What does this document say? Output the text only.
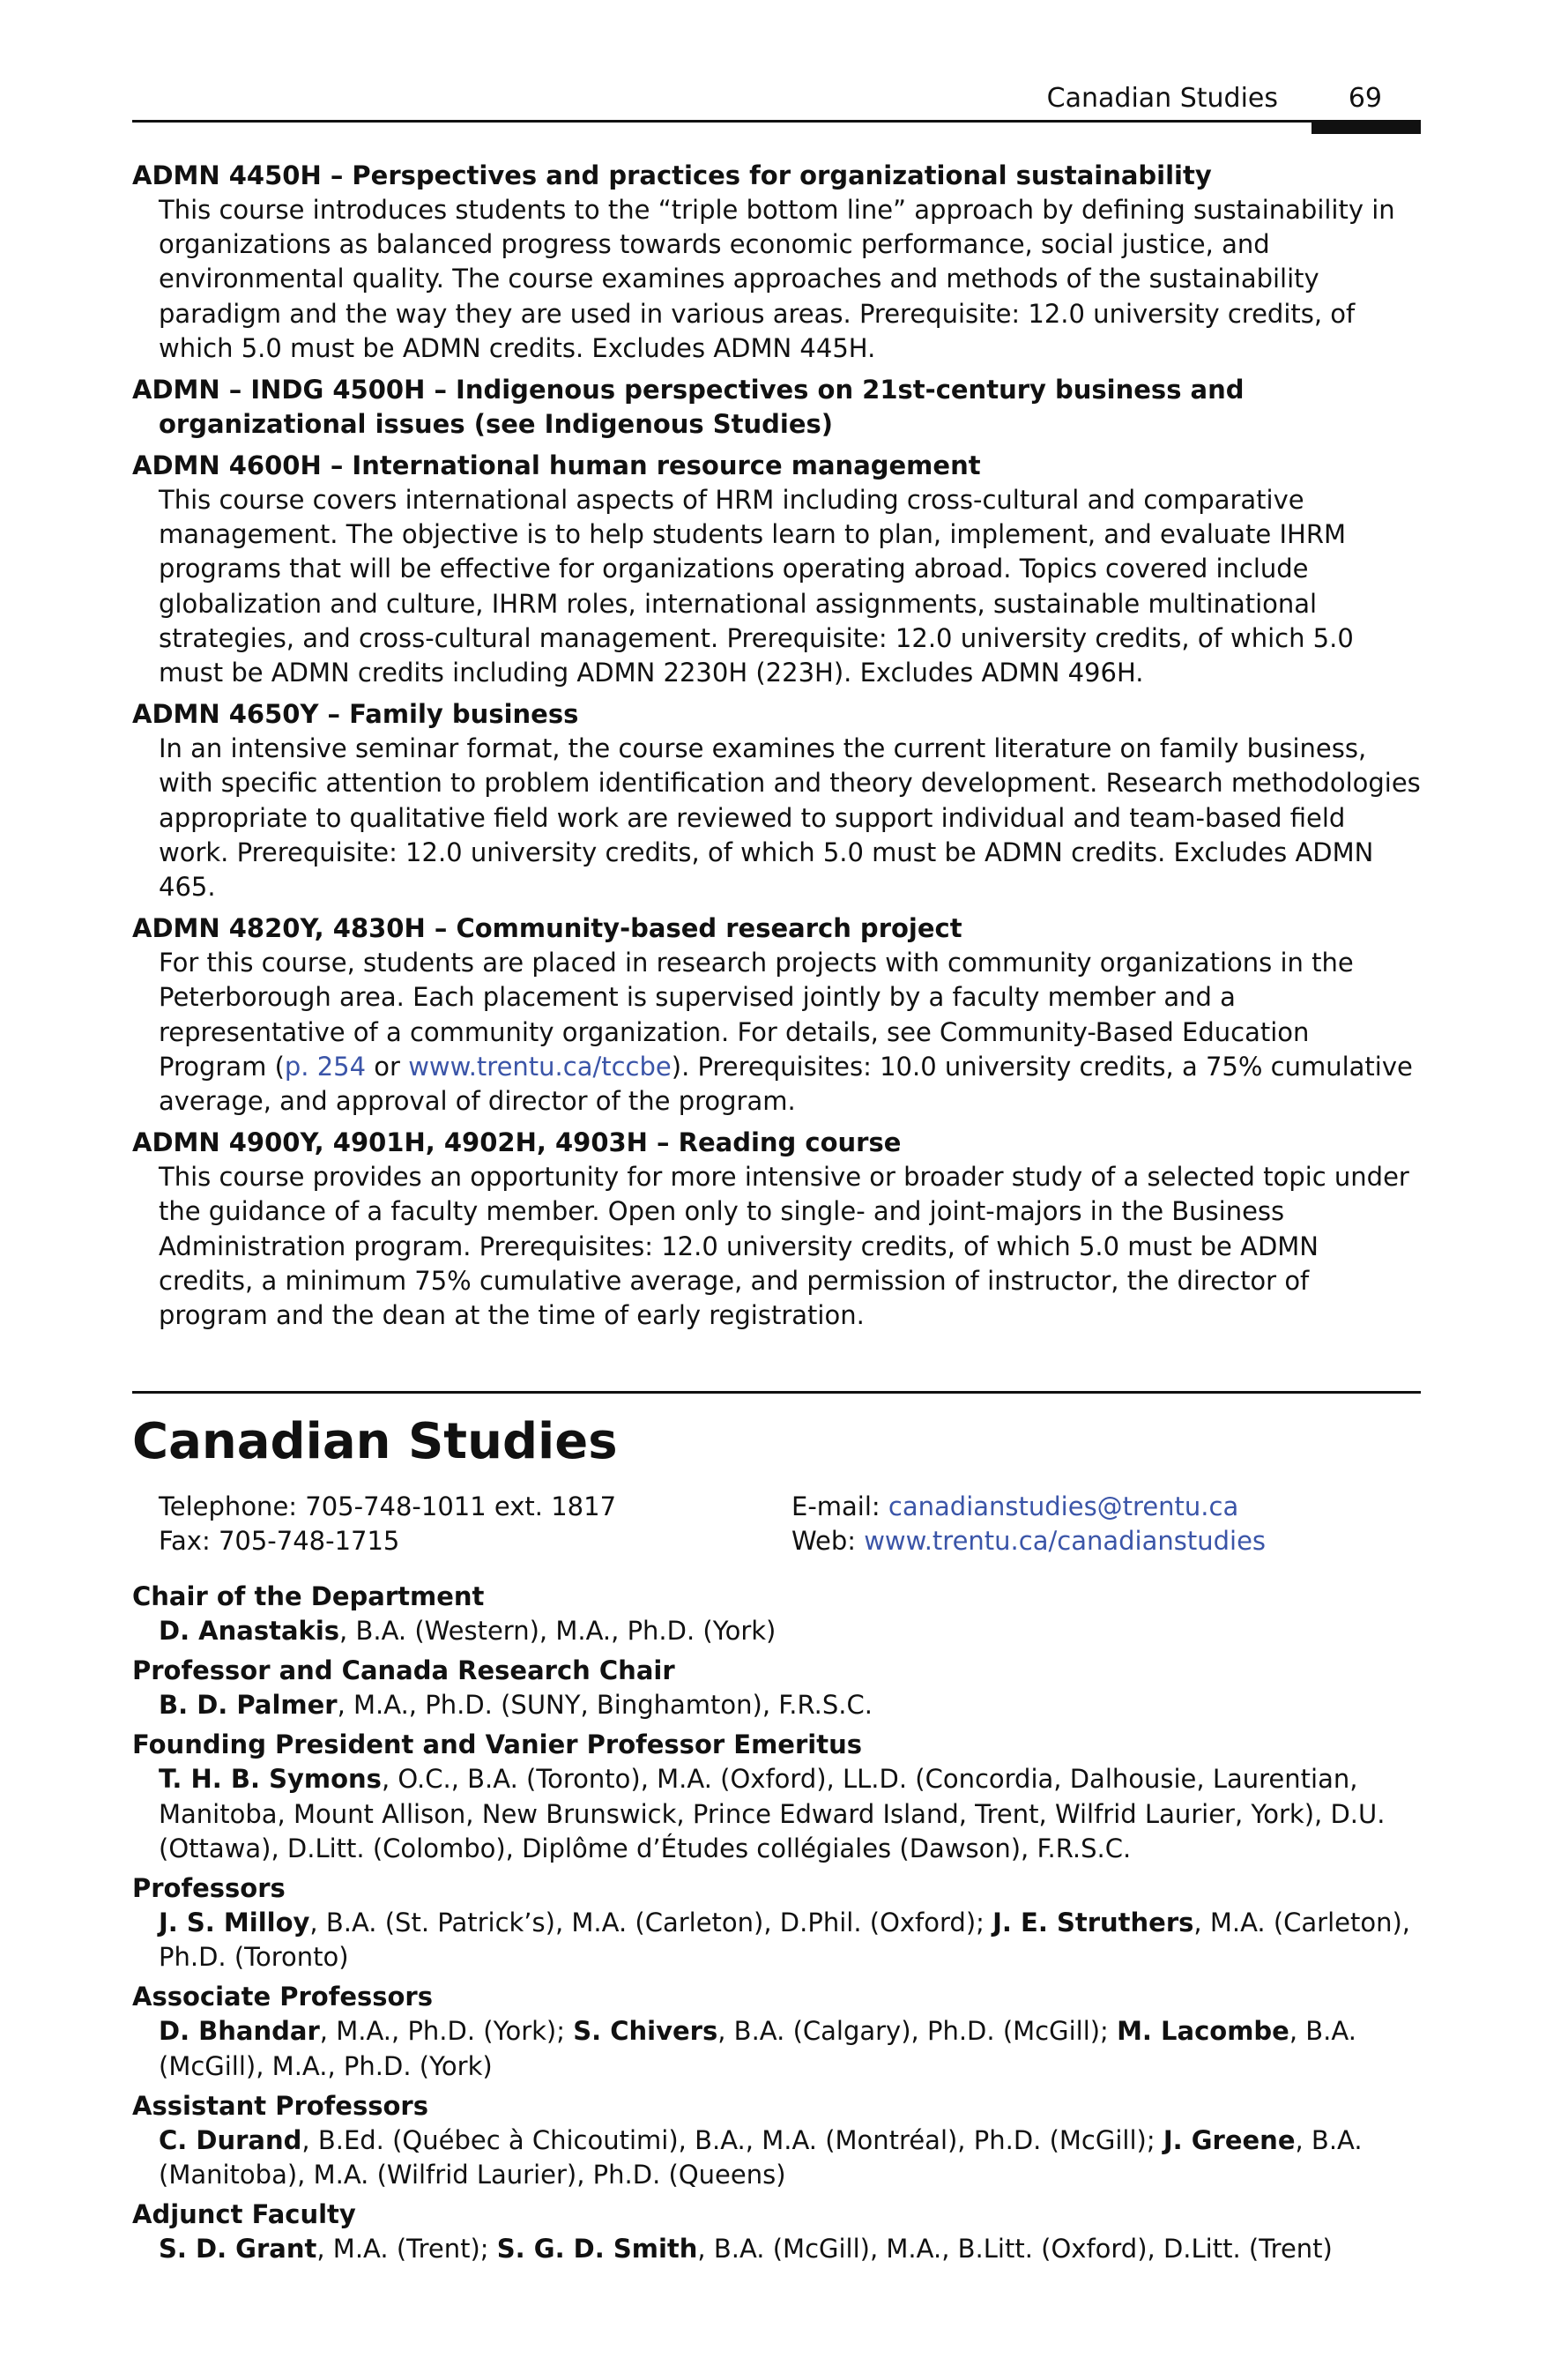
Canadian Studies	69

ADMN 4450H – Perspectives and practices for organizational sustainability

This course introduces students to the “triple bottom line” approach by defining sustainability in organizations as balanced progress towards economic performance, social justice, and environmental quality. The course examines approaches and methods of the sustainability paradigm and the way they are used in various areas. Prerequisite: 12.0 university credits, of which 5.0 must be ADMN credits. Excludes ADMN 445H.

ADMN – INDG 4500H – Indigenous perspectives on 21st-century business and organizational issues (see Indigenous Studies)

ADMN 4600H – International human resource management

This course covers international aspects of HRM including cross-cultural and comparative management. The objective is to help students learn to plan, implement, and evaluate IHRM programs that will be effective for organizations operating abroad. Topics covered include globalization and culture, IHRM roles, international assignments, sustainable multinational strategies, and cross-cultural management. Prerequisite: 12.0 university credits, of which 5.0 must be ADMN credits including ADMN 2230H (223H). Excludes ADMN 496H.

ADMN 4650Y – Family business

In an intensive seminar format, the course examines the current literature on family business, with specific attention to problem identification and theory development. Research methodologies appropriate to qualitative field work are reviewed to support individual and team-based field work. Prerequisite: 12.0 university credits, of which 5.0 must be ADMN credits. Excludes ADMN 465.

ADMN 4820Y, 4830H – Community-based research project

For this course, students are placed in research projects with community organizations in the Peterborough area. Each placement is supervised jointly by a faculty member and a representative of a community organization. For details, see Community-Based Education Program (p. 254 or www.trentu.ca/tccbe). Prerequisites: 10.0 university credits, a 75% cumulative average, and approval of director of the program.

ADMN 4900Y, 4901H, 4902H, 4903H – Reading course

This course provides an opportunity for more intensive or broader study of a selected topic under the guidance of a faculty member. Open only to single- and joint-majors in the Business Administration program. Prerequisites: 12.0 university credits, of which 5.0 must be ADMN credits, a minimum 75% cumulative average, and permission of instructor, the director of program and the dean at the time of early registration.

Canadian Studies
Telephone: 705-748-1011 ext. 1817	E-mail: canadianstudies@trentu.ca
Fax: 705-748-1715	Web: www.trentu.ca/canadianstudies

Chair of the Department

D. Anastakis, B.A. (Western), M.A., Ph.D. (York)

Professor and Canada Research Chair

B. D. Palmer, M.A., Ph.D. (SUNY, Binghamton), F.R.S.C.

Founding President and Vanier Professor Emeritus

T. H. B. Symons, O.C., B.A. (Toronto), M.A. (Oxford), LL.D. (Concordia, Dalhousie, Laurentian, Manitoba, Mount Allison, New Brunswick, Prince Edward Island, Trent, Wilfrid Laurier, York), D.U. (Ottawa), D.Litt. (Colombo), Diplôme d’Études collégiales (Dawson), F.R.S.C.

Professors

J. S. Milloy, B.A. (St. Patrick’s), M.A. (Carleton), D.Phil. (Oxford); J. E. Struthers, M.A. (Carleton), Ph.D. (Toronto)

Associate Professors

D. Bhandar, M.A., Ph.D. (York); S. Chivers, B.A. (Calgary), Ph.D. (McGill); M. Lacombe, B.A. (McGill), M.A., Ph.D. (York)

Assistant Professors

C. Durand, B.Ed. (Québec à Chicoutimi), B.A., M.A. (Montréal), Ph.D. (McGill); J. Greene, B.A. (Manitoba), M.A. (Wilfrid Laurier), Ph.D. (Queens)

Adjunct Faculty

S. D. Grant, M.A. (Trent); S. G. D. Smith, B.A. (McGill), M.A., B.Litt. (Oxford), D.Litt. (Trent)
